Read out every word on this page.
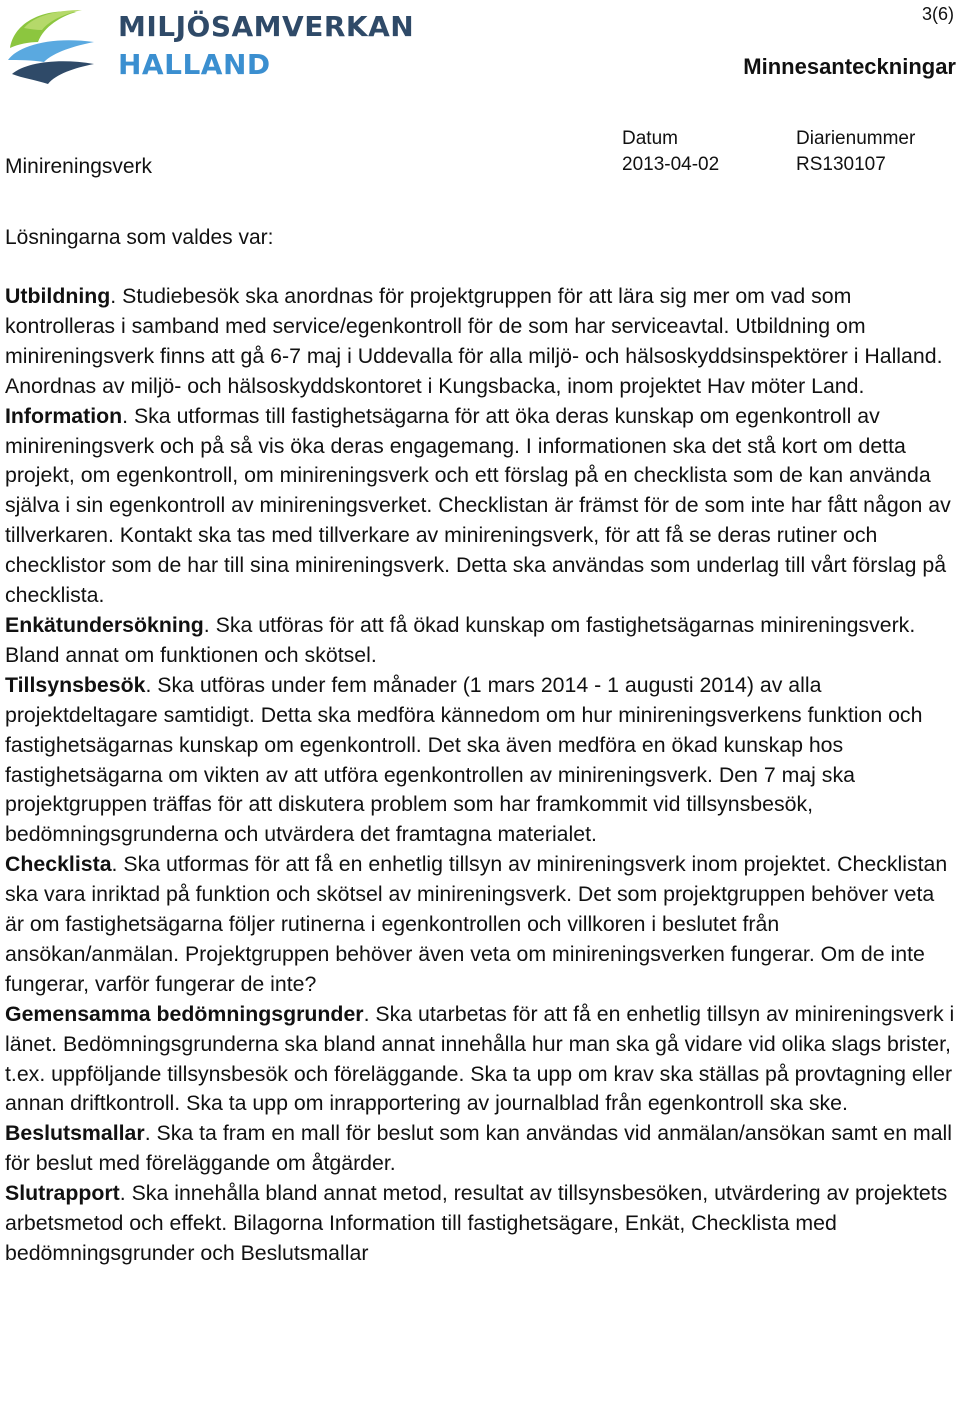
MILJÖSAMVERKAN
HALLAND
3(6)
Minnesanteckningar
Minireningsverk
Datum
2013-04-02
Diarienummer
RS130107
Lösningarna som valdes var:

Utbildning. Studiebesök ska anordnas för projektgruppen för att lära sig mer om vad som kontrolleras i samband med service/egenkontroll för de som har serviceavtal. Utbildning om minireningsverk finns att gå 6-7 maj i Uddevalla för alla miljö- och hälsoskyddsinspektörer i Halland. Anordnas av miljö- och hälsoskyddskontoret i Kungsbacka, inom projektet Hav möter Land.

Information. Ska utformas till fastighetsägarna för att öka deras kunskap om egenkontroll av minireningsverk och på så vis öka deras engagemang. I informationen ska det stå kort om detta projekt, om egenkontroll, om minireningsverk och ett förslag på en checklista som de kan använda själva i sin egenkontroll av minireningsverket. Checklistan är främst för de som inte har fått någon av tillverkaren. Kontakt ska tas med tillverkare av minireningsverk, för att få se deras rutiner och checklistor som de har till sina minireningsverk. Detta ska användas som underlag till vårt förslag på checklista.

Enkätundersökning. Ska utföras för att få ökad kunskap om fastighetsägarnas minireningsverk. Bland annat om funktionen och skötsel.

Tillsynsbesök. Ska utföras under fem månader (1 mars 2014 - 1 augusti 2014) av alla projektdeltagare samtidigt. Detta ska medföra kännedom om hur minireningsverkens funktion och fastighetsägarnas kunskap om egenkontroll. Det ska även medföra en ökad kunskap hos fastighetsägarna om vikten av att utföra egenkontrollen av minireningsverk. Den 7 maj ska projektgruppen träffas för att diskutera problem som har framkommit vid tillsynsbesök, bedömningsgrunderna och utvärdera det framtagna materialet.

Checklista. Ska utformas för att få en enhetlig tillsyn av minireningsverk inom projektet. Checklistan ska vara inriktad på funktion och skötsel av minireningsverk. Det som projektgruppen behöver veta är om fastighetsägarna följer rutinerna i egenkontrollen och villkoren i beslutet från ansökan/anmälan. Projektgruppen behöver även veta om minireningsverken fungerar. Om de inte fungerar, varför fungerar de inte?

Gemensamma bedömningsgrunder. Ska utarbetas för att få en enhetlig tillsyn av minireningsverk i länet. Bedömningsgrunderna ska bland annat innehålla hur man ska gå vidare vid olika slags brister, t.ex. uppföljande tillsynsbesök och föreläggande. Ska ta upp om krav ska ställas på provtagning eller annan driftkontroll. Ska ta upp om inrapportering av journalblad från egenkontroll ska ske.

Beslutsmallar. Ska ta fram en mall för beslut som kan användas vid anmälan/ansökan samt en mall för beslut med föreläggande om åtgärder.

Slutrapport. Ska innehålla bland annat metod, resultat av tillsynsbesöken, utvärdering av projektets arbetsmetod och effekt. Bilagorna Information till fastighetsägare, Enkät, Checklista med bedömningsgrunder och Beslutsmallar
